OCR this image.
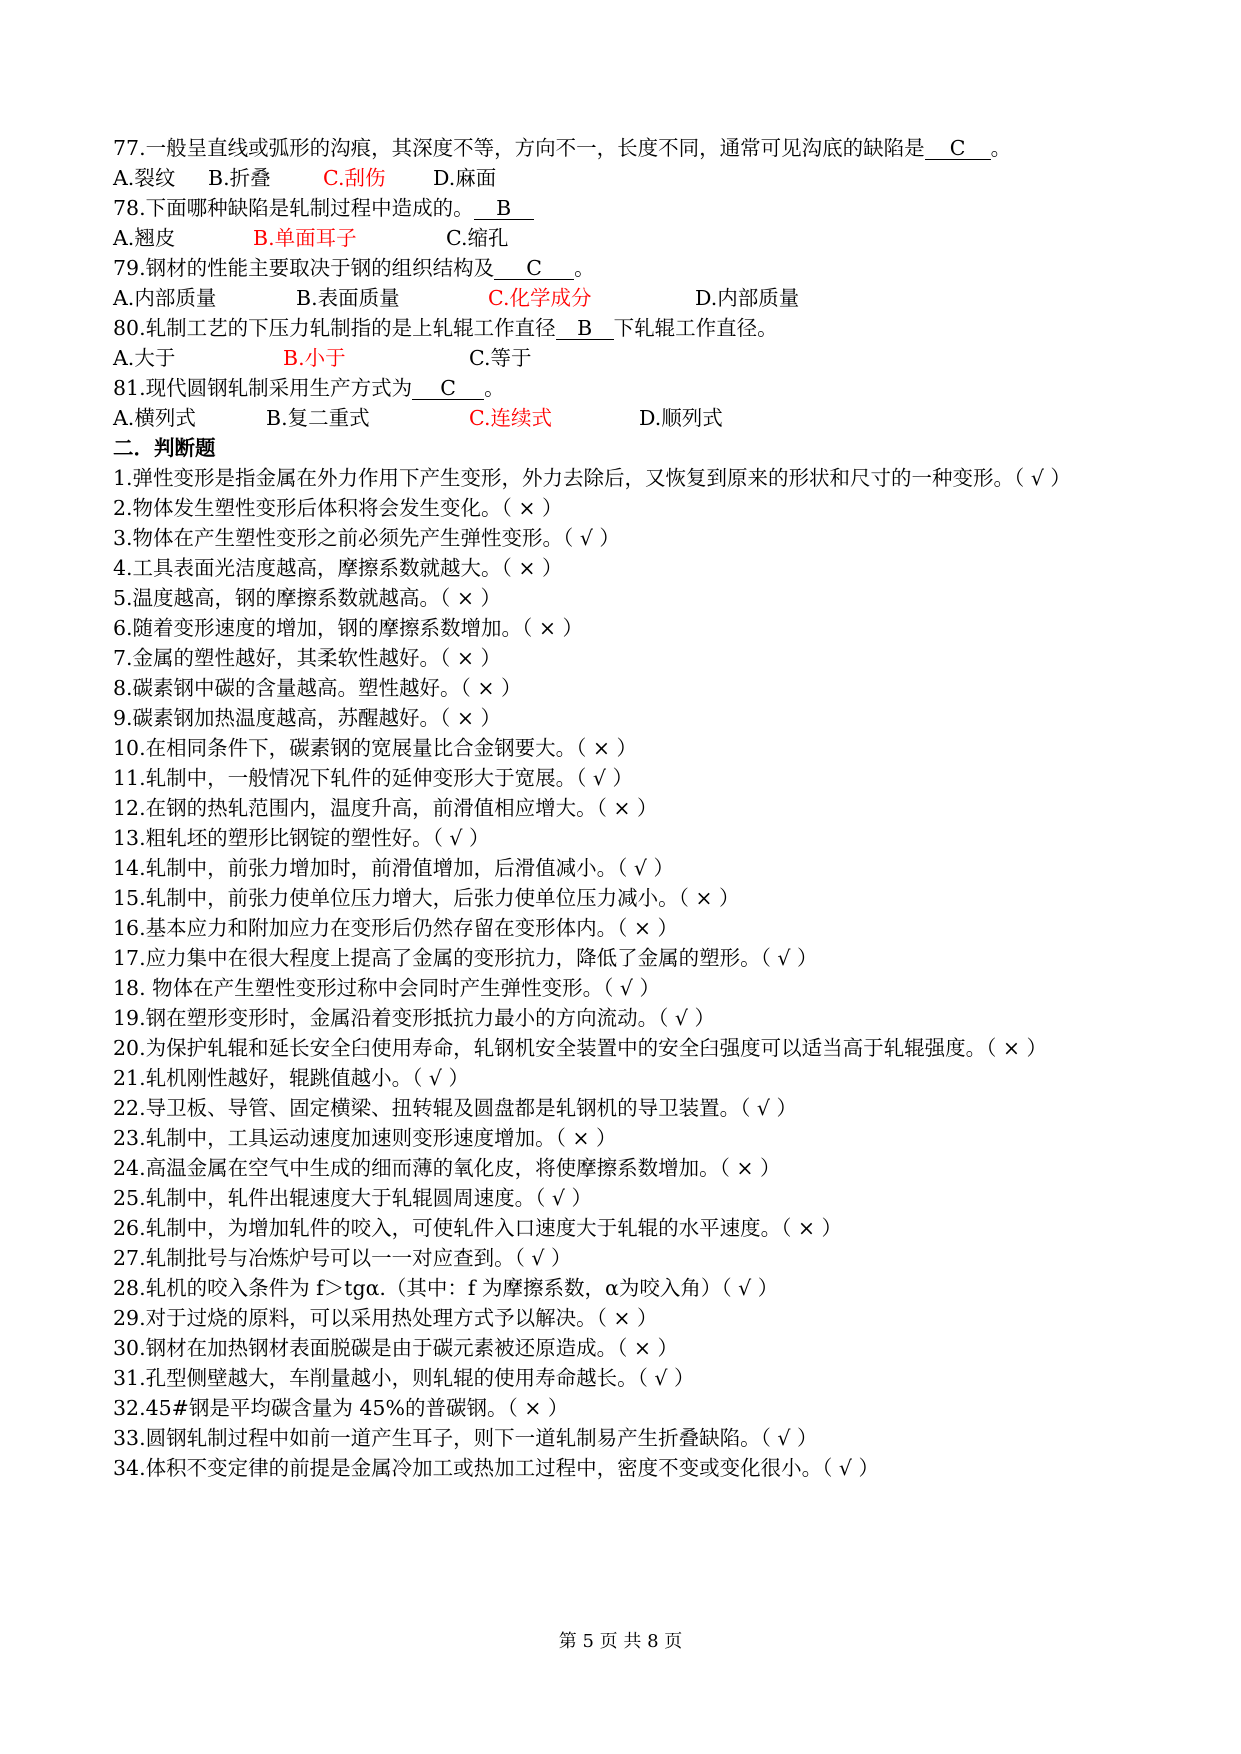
77.一般呈直线或弧形的沟痕，其深度不等，方向不一，长度不同，通常可见沟底的缺陷是 C 。
A.裂纹 B.折叠	C.刮伤 D.麻面
78.下面哪种缺陷是轧制过程中造成的。 B
A.翘皮	B.单面耳子	C.缩孔
79.钢材的性能主要取决于钢的组织结构及 C 。
A.内部质量	B.表面质量	C.化学成分	D.内部质量
80.轧制工艺的下压力轧制指的是上轧辊工作直径 B 下轧辊工作直径。
A.大于	B.小于	C.等于
81.现代圆钢轧制采用生产方式为 C 。
A.横列式	B.复二重式	C.连续式	D.顺列式
二．判断题
1.弹性变形是指金属在外力作用下产生变形，外力去除后，又恢复到原来的形状和尺寸的一种变形。（ √ ）
2.物体发生塑性变形后体积将会发生变化。（ × ）
3.物体在产生塑性变形之前必须先产生弹性变形。（ √ ）
4.工具表面光洁度越高，摩擦系数就越大。（ × ）
5.温度越高，钢的摩擦系数就越高。（ × ）
6.随着变形速度的增加，钢的摩擦系数增加。（ × ）
7.金属的塑性越好，其柔软性越好。（ × ）
8.碳素钢中碳的含量越高。塑性越好。（ × ）
9.碳素钢加热温度越高，苏醒越好。（ × ）
10.在相同条件下，碳素钢的宽展量比合金钢要大。（ × ）
11.轧制中，一般情况下轧件的延伸变形大于宽展。（ √ ）
12.在钢的热轧范围内，温度升高，前滑值相应增大。（ × ）
13.粗轧坯的塑形比钢锭的塑性好。（ √ ）
14.轧制中，前张力增加时，前滑值增加，后滑值减小。（ √ ）
15.轧制中，前张力使单位压力增大，后张力使单位压力减小。（ × ）
16.基本应力和附加应力在变形后仍然存留在变形体内。（ × ）
17.应力集中在很大程度上提高了金属的变形抗力，降低了金属的塑形。（ √ ）
18. 物体在产生塑性变形过称中会同时产生弹性变形。（ √ ）
19.钢在塑形变形时，金属沿着变形抵抗力最小的方向流动。（ √ ）
20.为保护轧辊和延长安全臼使用寿命，轧钢机安全装置中的安全臼强度可以适当高于轧辊强度。（ × ）
21.轧机刚性越好，辊跳值越小。（ √ ）
22.导卫板、导管、固定横梁、扭转辊及圆盘都是轧钢机的导卫装置。（ √ ）
23.轧制中，工具运动速度加速则变形速度增加。（ × ）
24.高温金属在空气中生成的细而薄的氧化皮，将使摩擦系数增加。（ × ）
25.轧制中，轧件出辊速度大于轧辊圆周速度。（ √ ）
26.轧制中，为增加轧件的咬入，可使轧件入口速度大于轧辊的水平速度。（ × ）
27.轧制批号与冶炼炉号可以一一对应查到。（ √ ）
28.轧机的咬入条件为 f＞tgα.（其中：f 为摩擦系数，α为咬入角）（ √ ）
29.对于过烧的原料，可以采用热处理方式予以解决。（ × ）
30.钢材在加热钢材表面脱碳是由于碳元素被还原造成。（ × ）
31.孔型侧壁越大，车削量越小，则轧辊的使用寿命越长。（ √ ）
32.45#钢是平均碳含量为 45%的普碳钢。（ × ）
33.圆钢轧制过程中如前一道产生耳子，则下一道轧制易产生折叠缺陷。（ √ ）
34.体积不变定律的前提是金属冷加工或热加工过程中，密度不变或变化很小。（ √ ）
第 5 页 共 8 页
